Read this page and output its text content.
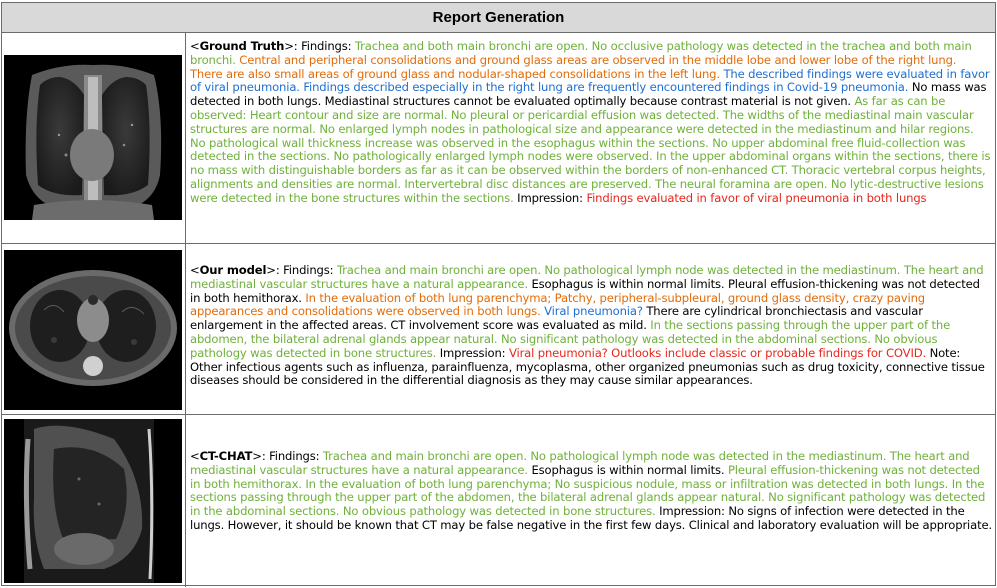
Report Generation

<Ground Truth>: Findings: Trachea and both main bronchi are open. No occlusive pathology was detected in the trachea and both main bronchi. Central and peripheral consolidations and ground glass areas are observed in the middle lobe and lower lobe of the right lung. There are also small areas of ground glass and nodular-shaped consolidations in the left lung. The described findings were evaluated in favor of viral pneumonia. Findings described especially in the right lung are frequently encountered findings in Covid-19 pneumonia. No mass was detected in both lungs. Mediastinal structures cannot be evaluated optimally because contrast material is not given. As far as can be observed: Heart contour and size are normal. No pleural or pericardial effusion was detected. The widths of the mediastinal main vascular structures are normal. No enlarged lymph nodes in pathological size and appearance were detected in the mediastinum and hilar regions. No pathological wall thickness increase was observed in the esophagus within the sections. No upper abdominal free fluid-collection was detected in the sections. No pathologically enlarged lymph nodes were observed. In the upper abdominal organs within the sections, there is no mass with distinguishable borders as far as it can be observed within the borders of non-enhanced CT. Thoracic vertebral corpus heights, alignments and densities are normal. Intervertebral disc distances are preserved. The neural foramina are open. No lytic-destructive lesions were detected in the bone structures within the sections. Impression: Findings evaluated in favor of viral pneumonia in both lungs

<Our model>: Findings: Trachea and main bronchi are open. No pathological lymph node was detected in the mediastinum. The heart and mediastinal vascular structures have a natural appearance. Esophagus is within normal limits. Pleural effusion-thickening was not detected in both hemithorax. In the evaluation of both lung parenchyma; Patchy, peripheral-subpleural, ground glass density, crazy paving appearances and consolidations were observed in both lungs. Viral pneumonia? There are cylindrical bronchiectasis and vascular enlargement in the affected areas. CT involvement score was evaluated as mild. In the sections passing through the upper part of the abdomen, the bilateral adrenal glands appear natural. No significant pathology was detected in the abdominal sections. No obvious pathology was detected in bone structures. Impression: Viral pneumonia? Outlooks include classic or probable findings for COVID. Note: Other infectious agents such as influenza, parainfluenza, mycoplasma, other organized pneumonias such as drug toxicity, connective tissue diseases should be considered in the differential diagnosis as they may cause similar appearances.

<CT-CHAT>: Findings: Trachea and main bronchi are open. No pathological lymph node was detected in the mediastinum. The heart and mediastinal vascular structures have a natural appearance. Esophagus is within normal limits. Pleural effusion-thickening was not detected in both hemithorax. In the evaluation of both lung parenchyma; No suspicious nodule, mass or infiltration was detected in both lungs. In the sections passing through the upper part of the abdomen, the bilateral adrenal glands appear natural. No significant pathology was detected in the abdominal sections. No obvious pathology was detected in bone structures. Impression: No signs of infection were detected in the lungs. However, it should be known that CT may be false negative in the first few days. Clinical and laboratory evaluation will be appropriate.
